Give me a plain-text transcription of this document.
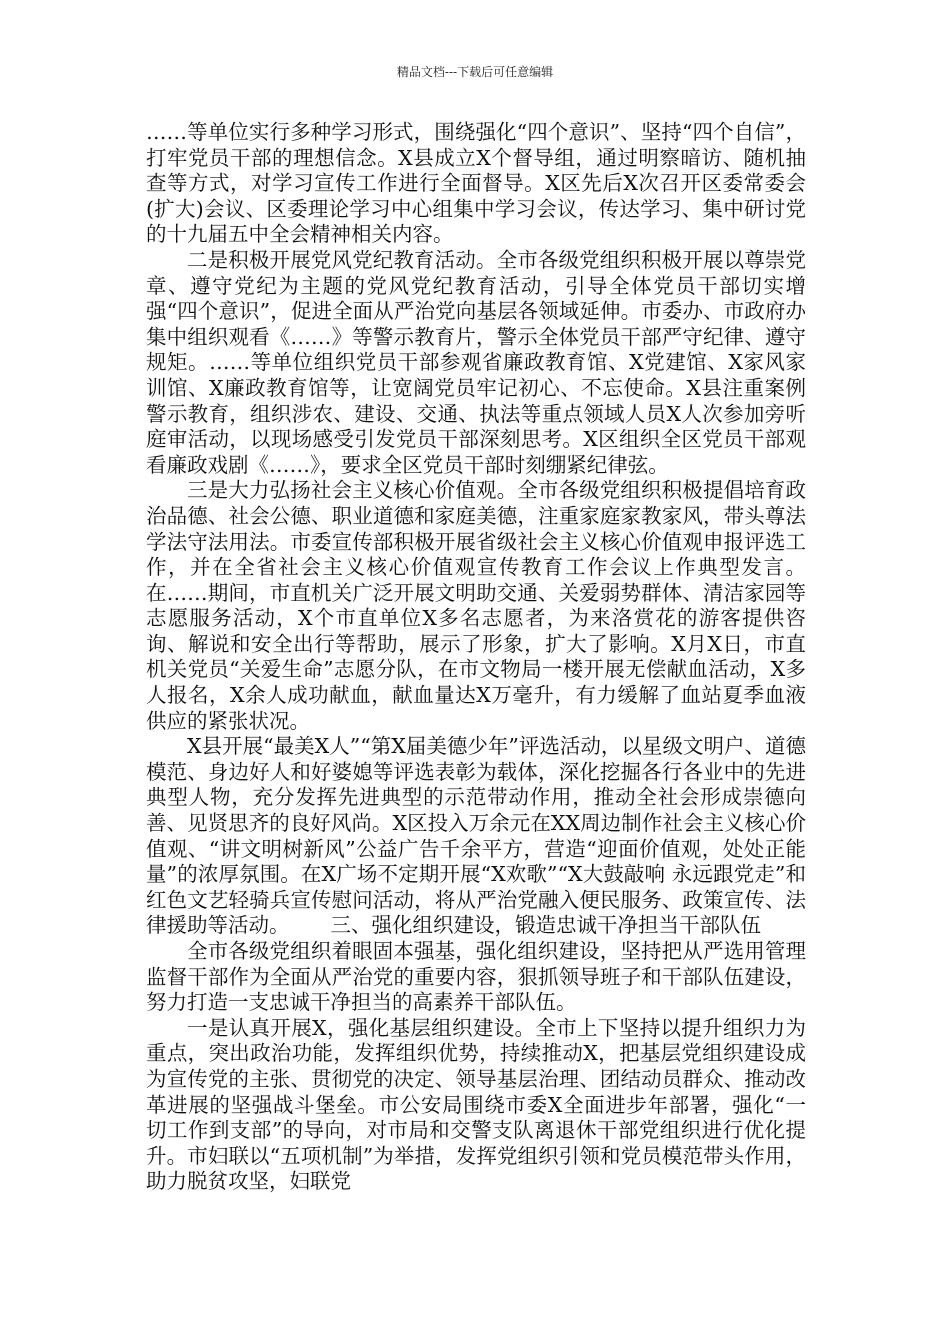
精品文档---下载后可任意编辑

……等单位实行多种学习形式，围绕强化“四个意识”、坚持“四个自信”，打牢党员干部的理想信念。X县成立X个督导组，通过明察暗访、随机抽查等方式，对学习宣传工作进行全面督导。X区先后X次召开区委常委会(扩大)会议、区委理论学习中心组集中学习会议，传达学习、集中研讨党的十九届五中全会精神相关内容。

二是积极开展党风党纪教育活动。全市各级党组织积极开展以尊崇党章、遵守党纪为主题的党风党纪教育活动，引导全体党员干部切实增强“四个意识”，促进全面从严治党向基层各领域延伸。市委办、市政府办集中组织观看《……》等警示教育片，警示全体党员干部严守纪律、遵守规矩。……等单位组织党员干部参观省廉政教育馆、X党建馆、X家风家训馆、X廉政教育馆等，让宽阔党员牢记初心、不忘使命。X县注重案例警示教育，组织涉农、建设、交通、执法等重点领域人员X人次参加旁听庭审活动，以现场感受引发党员干部深刻思考。X区组织全区党员干部观看廉政戏剧《……》，要求全区党员干部时刻绷紧纪律弦。

三是大力弘扬社会主义核心价值观。全市各级党组织积极提倡培育政治品德、社会公德、职业道德和家庭美德，注重家庭家教家风，带头尊法学法守法用法。市委宣传部积极开展省级社会主义核心价值观申报评选工作，并在全省社会主义核心价值观宣传教育工作会议上作典型发言。在……期间，市直机关广泛开展文明助交通、关爱弱势群体、清洁家园等志愿服务活动，X个市直单位X多名志愿者，为来洛赏花的游客提供咨询、解说和安全出行等帮助，展示了形象，扩大了影响。X月X日，市直机关党员“关爱生命”志愿分队，在市文物局一楼开展无偿献血活动，X多人报名，X余人成功献血，献血量达X万毫升，有力缓解了血站夏季血液供应的紧张状况。

X县开展“最美X人”“第X届美德少年”评选活动，以星级文明户、道德模范、身边好人和好婆媳等评选表彰为载体，深化挖掘各行各业中的先进典型人物，充分发挥先进典型的示范带动作用，推动全社会形成崇德向善、见贤思齐的良好风尚。X区投入万余元在XX周边制作社会主义核心价值观、“讲文明树新风”公益广告千余平方，营造“迎面价值观，处处正能量”的浓厚氛围。在X广场不定期开展“X欢歌”“X大鼓敲响 永远跟党走”和红色文艺轻骑兵宣传慰问活动，将从严治党融入便民服务、政策宣传、法律援助等活动。 三、强化组织建设，锻造忠诚干净担当干部队伍

全市各级党组织着眼固本强基，强化组织建设，坚持把从严选用管理监督干部作为全面从严治党的重要内容，狠抓领导班子和干部队伍建设，努力打造一支忠诚干净担当的高素养干部队伍。

一是认真开展X，强化基层组织建设。全市上下坚持以提升组织力为重点，突出政治功能，发挥组织优势，持续推动X，把基层党组织建设成为宣传党的主张、贯彻党的决定、领导基层治理、团结动员群众、推动改革进展的坚强战斗堡垒。市公安局围绕市委X全面进步年部署，强化“一切工作到支部”的导向，对市局和交警支队离退休干部党组织进行优化提升。市妇联以“五项机制”为举措，发挥党组织引领和党员模范带头作用，助力脱贫攻坚，妇联党
